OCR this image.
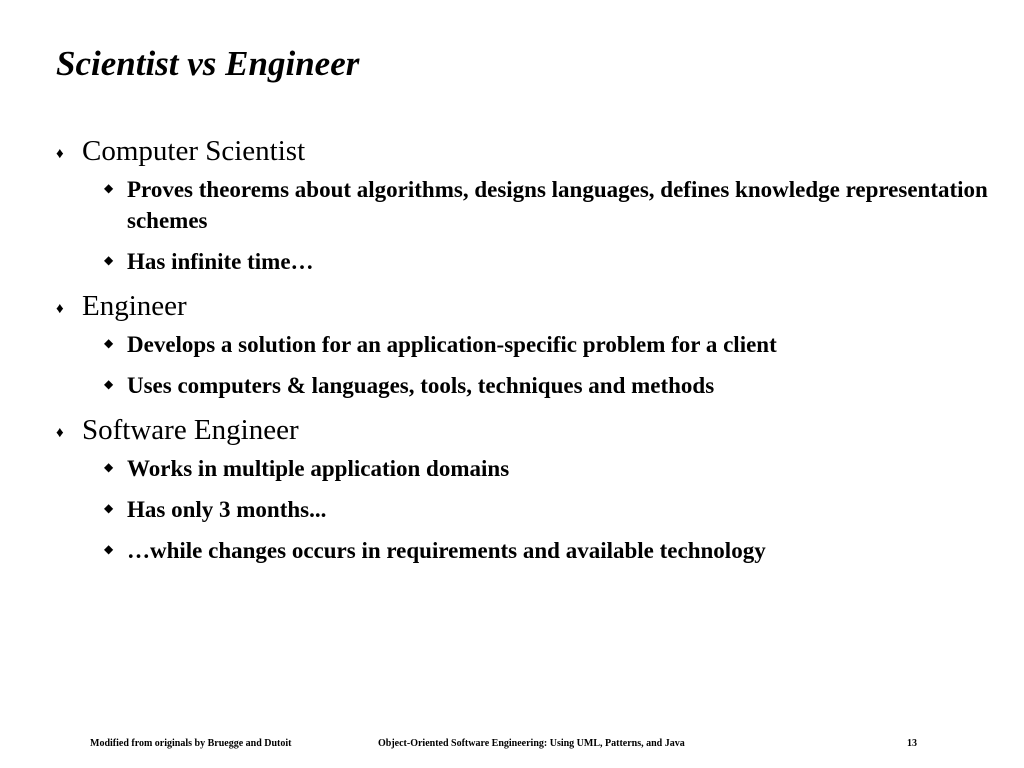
Scientist vs Engineer
♦ Computer Scientist
◆ Proves theorems about algorithms, designs languages, defines knowledge representation schemes
◆ Has infinite time…
♦ Engineer
◆ Develops a solution for an application-specific problem for a client
◆ Uses computers & languages, tools, techniques and methods
♦ Software Engineer
◆ Works in multiple application domains
◆ Has only 3 months...
◆ …while changes occurs in requirements and available technology
Modified from originals by Bruegge and Dutoit	Object-Oriented Software Engineering: Using UML, Patterns, and Java	13
